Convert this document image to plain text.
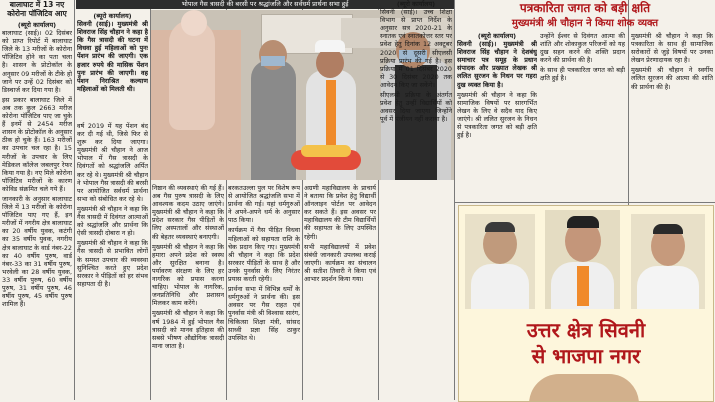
बालाघाट में 13 नए कोरोना पॉजिटिव आए
(ब्यूरो कार्यालय)

बालाघाट (साई)। 02 दिसंबर को प्राप्त रिपोर्ट में बालाघाट जिले के 13 मरीजों के कोरोना पॉजिटिव होने का पता चला है। शासन के प्रोटोकॉल के अनुसार 09 मरीजों के टीके हो जाने पर उन्हें 02 दिसंबर को डिस्चार्ज कर दिया गया है।

इस प्रकार बालाघाट जिले में अब तक कुल 2663 मरीज कोरोना पॉजिटिव पाए जा चुके हैं इनमें से 2454 मरीज शासन के प्रोटोकॉल के अनुसार ठीक हो चुके हैं। 163 मरीजों का उपचार चल रहा है। 15 मरीजों के उपचार के लिए मेडिकल कॉलेज जबलपुर रेफर किया गया है। नए मिले कोरोना पॉजिटिव मरीजों के कारण कोविड संक्रमित चले गये हैं।

जानकारी के अनुसार बालाघाट जिले में 13 मरीजों के कोरोना पॉजिटिव पाए गए हैं, इन मरीजों में नगरीय क्षेत्र बालाघाट का 20 वर्षीय युवक, कटंगी का 35 वर्षीय युवक, नगरीय क्षेत्र बालाघाट के वार्ड नंबर-22 का 40 वर्षीय पुरुष, वार्ड नंबर-33 का 31 वर्षीय पुरुष, भरवेली का 28 वर्षीय युवक, 33 वर्षीय पुरुष, 60 वर्षीय पुरुष, 31 वर्षीय पुरुष, 46 वर्षीय पुरुष, 45 वर्षीय पुरुष शामिल हैं।

भोपाल गैस त्रासदी की बरसी पर श्रद्धांजलि और सर्वधर्म प्रार्थना सभा हुई
(ब्यूरो कार्यालय)

सिवनी (साई)। मुख्यमंत्री श्री शिवराज सिंह चौहान ने कहा है कि गैस त्रासदी की घटना में विधवा हुई महिलाओं को पुनः पेंशन प्रारंभ की जाएगी। एक हजार रुपये की मासिक पेंशन पुनः प्रारंभ की जाएगी। वह पेंशन निराश्रित कल्याण महिलाओं को मिलती थी।

वर्ष 2019 में यह पेंशन बंद कर दी गई थी, जिसे फिर से शुरू कर दिया जाएगा। मुख्यमंत्री श्री चौहान ने आज भोपाल में गैस त्रासदी के दिवंगतों को श्रद्धांजलि अर्पित कर रहे थे। मुख्यमंत्री श्री चौहान ने भोपाल गैस त्रासदी की बरसी पर आयोजित सर्वधर्म प्रार्थना सभा को संबोधित कर रहे थे।

मुख्यमंत्री श्री चौहान ने कहा कि गैस त्रासदी में दिवंगत आत्माओं को श्रद्धांजलि और प्रार्थना कि ऐसी त्रासदी दोबारा न हो।

मुख्यमंत्री श्री चौहान ने कहा कि गैस त्रासदी से प्रभावित लोगों के समस्त उपचार की व्यवस्था सुनिश्चित करते हुए प्रदेश सरकार ने पीड़ितों को हर संभव सहायता दी है।

निष्ठान की व्यवस्थाएं की गई हैं। अब गैस पुरुष त्रासदी के लिए आवश्यक कदम उठाए जाएंगे। मुख्यमंत्री श्री चौहान ने कहा कि प्रदेश सरकार गैस पीड़ितों के लिए अस्पतालों और संस्थाओं की बेहतर व्यवस्थाएं बनाएगी।

मुख्यमंत्री श्री चौहान ने कहा कि हमारा अपने प्रदेश को स्वस्थ और सुरक्षित बनाना है। पर्यावरण संरक्षण के लिए हर नागरिक को प्रयास करना चाहिए। भोपाल के नागरिक, जनप्रतिनिधि और प्रशासन मिलकर काम करेंगे।

मुख्यमंत्री श्री चौहान ने कहा कि वर्ष 1984 में हुई भोपाल गैस त्रासदी को मानव इतिहास की सबसे भीषण औद्योगिक त्रासदी माना जाता है।

बरकतउल्ला पुल पर विशेष रूप से आयोजित श्रद्धांजलि सभा में प्रार्थना की गई। यहां धर्मगुरुओं ने अपने-अपने धर्म के अनुसार पाठ किया।

कार्यक्रम में गैस पीड़ित विधवा महिलाओं को सहायता राशि के चेक प्रदान किए गए। मुख्यमंत्री श्री चौहान ने कहा कि प्रदेश सरकार पीड़ितों के साथ है और उनके पुनर्वास के लिए निरंतर प्रयास करती रहेगी।

प्रार्थना सभा में विभिन्न धर्मों के धर्मगुरुओं ने प्रार्थना की। इस अवसर पर गैस राहत एवं पुनर्वास मंत्री श्री विश्वास सारंग, चिकित्सा शिक्षा मंत्री, सांसद साध्वी प्रज्ञा सिंह ठाकुर उपस्थित थे।

अग्रणी महाविद्यालय के प्राचार्य ने बताया कि प्रवेश हेतु विद्यार्थी ऑनलाइन पोर्टल पर आवेदन कर सकते हैं। इस अवसर पर महाविद्यालय की टीम विद्यार्थियों की सहायता के लिए उपस्थित रहेगी।

सभी महाविद्यालयों में प्रवेश संबंधी जानकारी उपलब्ध कराई जाएगी। कार्यक्रम का संचालन श्री सतीश तिवारी ने किया एवं आभार प्रदर्शन किया गया।

(ब्यूरो कार्यालय)

सिवनी (साई)। उच्च शिक्षा विभाग से प्राप्त निर्देश के अनुसार सत्र 2020-21 के स्नातक एवं स्नातकोत्तर स्तर पर प्रवेश हेतु दिनांक 12 अक्टूबर 2020 से दूसरी सीएलसी प्रक्रिया प्रारंभ की गई है। इस प्रक्रिया में 01 दिसंबर 2020 से 30 दिसंबर 2020 तक आवेदन किए जा सकेंगे।

सीएलसी प्रक्रिया के अंतर्गत प्रवेश हेतु उन्हीं विद्यार्थियों को अवसर दिया जाएगा जिन्होंने पूर्व में पंजीयन नहीं कराया है।

पत्रकारिता जगत को बड़ी क्षति
मुख्यमंत्री श्री चौहान ने किया शोक व्यक्त
(ब्यूरो कार्यालय)

सिवनी (साई)। मुख्यमंत्री श्री शिवराज सिंह चौहान ने देशबंधु समाचार पत्र समूह के प्रधान संपादक और प्रख्यात लेखक श्री ललित सुरजन के निधन पर गहरा दुख व्यक्त किया है।

मुख्यमंत्री श्री चौहान ने कहा कि सामाजिक विषयों पर सारगर्भित लेखन के लिए वे सदैव याद किए जाएंगे। श्री ललित सुरजन के निधन से पत्रकारिता जगत को बड़ी क्षति हुई है।

उन्होंने ईश्वर से दिवंगत आत्मा की शांति और शोकाकुल परिजनों को यह दुख सहन करने की शक्ति प्रदान करने की प्रार्थना की है।

के साथ ही पत्रकारिता जगत को बड़ी क्षति हुई है।

मुख्यमंत्री श्री चौहान ने कहा कि पत्रकारिता के साथ ही सामाजिक सरोकारों से जुड़े विषयों पर उनका लेखन प्रेरणादायक रहा है।

मुख्यमंत्री श्री चौहान ने स्वर्गीय ललित सुरजन की आत्मा की शांति की प्रार्थना की है।

उत्तर क्षेत्र सिवनी
से भाजपा नगर
